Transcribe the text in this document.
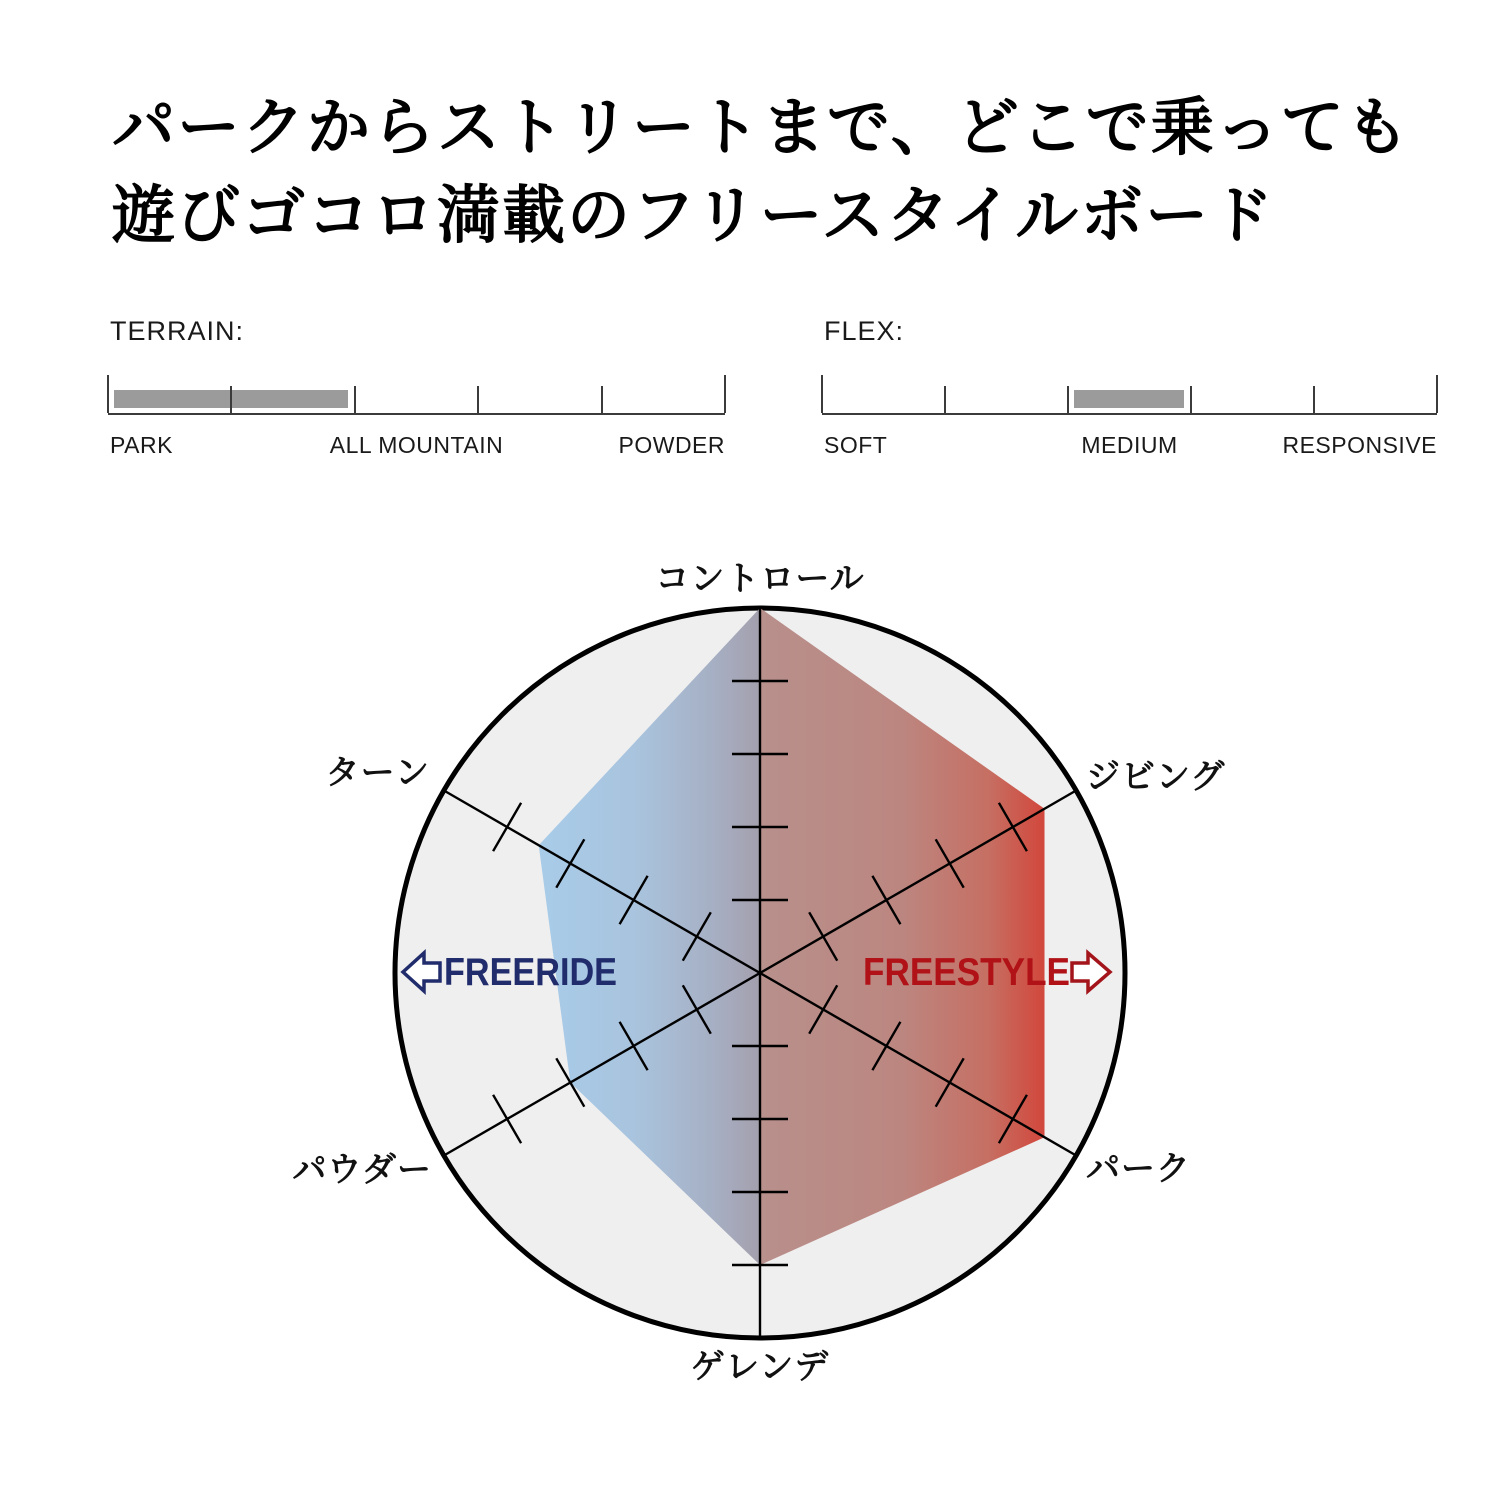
パークからストリートまで、どこで乗っても
遊びゴコロ満載のフリースタイルボード
TERRAIN:
PARK	ALL MOUNTAIN	POWDER
FLEX:
SOFT	MEDIUM	RESPONSIVE
コントロール
ジビング
パーク
ゲレンデ
パウダー
ターン
FREERIDE	FREESTYLE
